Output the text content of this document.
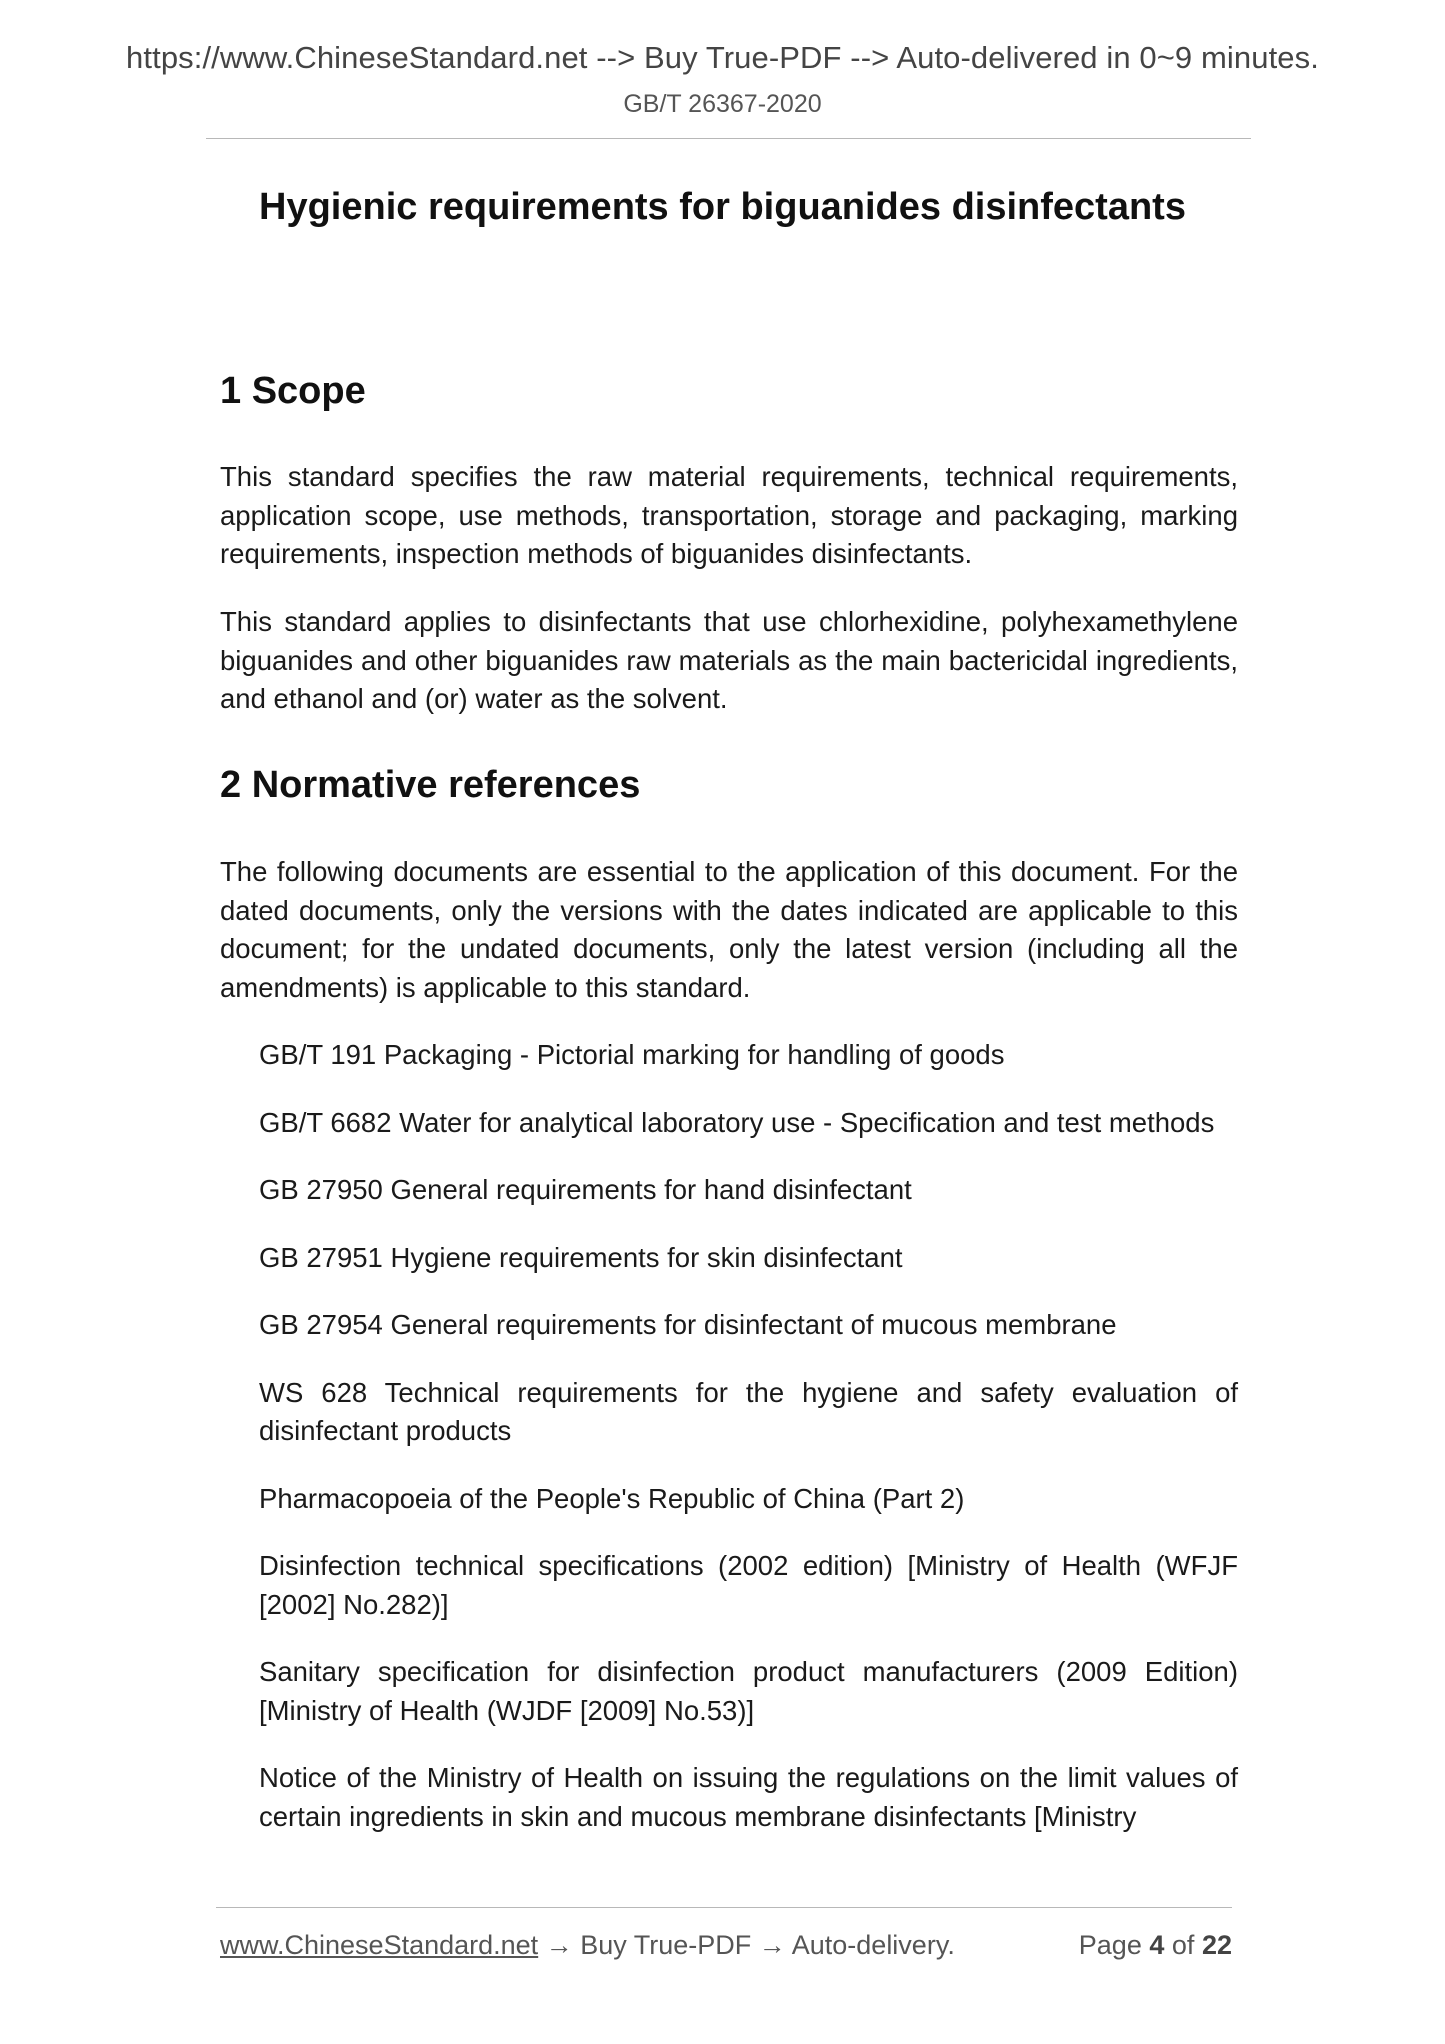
https://www.ChineseStandard.net --> Buy True-PDF --> Auto-delivered in 0~9 minutes.
GB/T 26367-2020
Hygienic requirements for biguanides disinfectants
1 Scope

This standard specifies the raw material requirements, technical requirements, application scope, use methods, transportation, storage and packaging, marking requirements, inspection methods of biguanides disinfectants.

This standard applies to disinfectants that use chlorhexidine, polyhexamethylene biguanides and other biguanides raw materials as the main bactericidal ingredients, and ethanol and (or) water as the solvent.

2 Normative references

The following documents are essential to the application of this document. For the dated documents, only the versions with the dates indicated are applicable to this document; for the undated documents, only the latest version (including all the amendments) is applicable to this standard.

GB/T 191 Packaging - Pictorial marking for handling of goods

GB/T 6682 Water for analytical laboratory use - Specification and test methods

GB 27950 General requirements for hand disinfectant

GB 27951 Hygiene requirements for skin disinfectant

GB 27954 General requirements for disinfectant of mucous membrane

WS 628 Technical requirements for the hygiene and safety evaluation of disinfectant products

Pharmacopoeia of the People's Republic of China (Part 2)

Disinfection technical specifications (2002 edition) [Ministry of Health (WFJF [2002] No.282)]

Sanitary specification for disinfection product manufacturers (2009 Edition) [Ministry of Health (WJDF [2009] No.53)]

Notice of the Ministry of Health on issuing the regulations on the limit values of certain ingredients in skin and mucous membrane disinfectants [Ministry

www.ChineseStandard.net → Buy True-PDF → Auto-delivery.	Page 4 of 22
